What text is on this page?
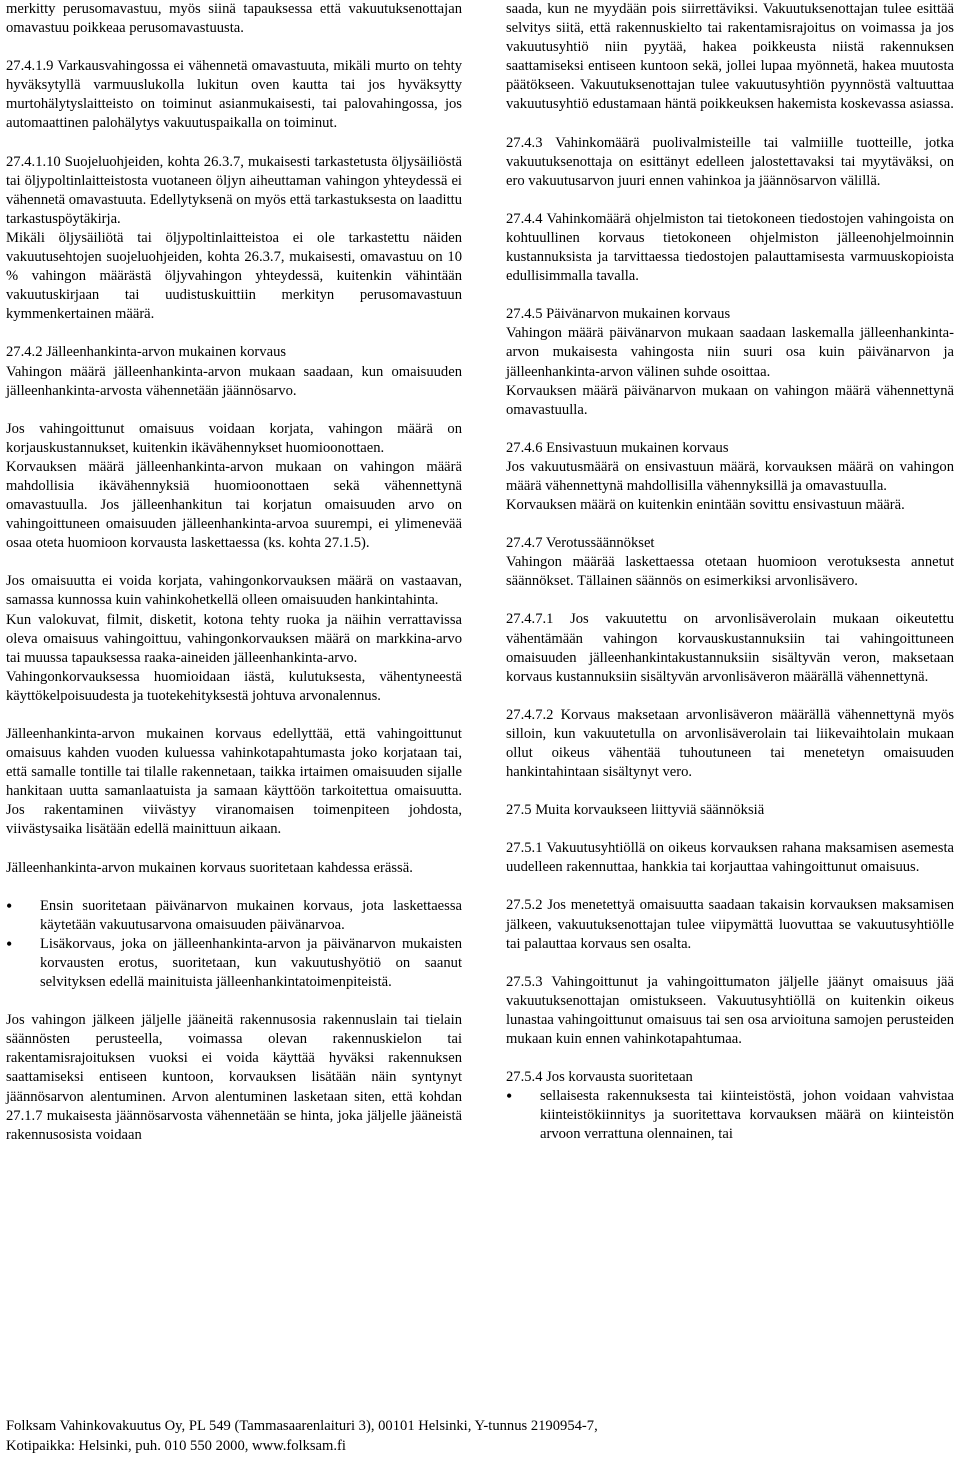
merkitty perusomavastuu, myös siinä tapauksessa että vakuutuksenottajan omavastuu poikkeaa perusomavastuusta.

27.4.1.9 Varkausvahingossa ei vähennetä omavastuuta, mikäli murto on tehty hyväksytyllä varmuuslukolla lukitun oven kautta tai jos hyväksytty murtohälytyslaitteisto on toiminut asianmukaisesti, tai palovahingossa, jos automaattinen palohälytys vakuutuspaikalla on toiminut.

27.4.1.10 Suojeluohjeiden, kohta 26.3.7, mukaisesti tarkastetusta öljysäiliöstä tai öljypoltinlaitteistosta vuotaneen öljyn aiheuttaman vahingon yhteydessä ei vähennetä omavastuuta. Edellytyksenä on myös että tarkastuksesta on laadittu tarkastuspöytäkirja.

Mikäli öljysäiliötä tai öljypoltinlaitteistoa ei ole tarkastettu näiden vakuutusehtojen suojeluohjeiden, kohta 26.3.7, mukaisesti, omavastuu on 10 % vahingon määrästä öljyvahingon yhteydessä, kuitenkin vähintään vakuutuskirjaan tai uudistuskuittiin merkityn perusomavastuun kymmenkertainen määrä.

27.4.2 Jälleenhankinta-arvon mukainen korvaus

Vahingon määrä jälleenhankinta-arvon mukaan saadaan, kun omaisuuden jälleenhankinta-arvosta vähennetään jäännösarvo.

Jos vahingoittunut omaisuus voidaan korjata, vahingon määrä on korjauskustannukset, kuitenkin ikävähennykset huomioonottaen.

Korvauksen määrä jälleenhankinta-arvon mukaan on vahingon määrä mahdollisia ikävähennyksiä huomioonottaen sekä vähennettynä omavastuulla. Jos jälleenhankitun tai korjatun omaisuuden arvo on vahingoittuneen omaisuuden jälleenhankinta-arvoa suurempi, ei ylimenevää osaa oteta huomioon korvausta laskettaessa (ks. kohta 27.1.5).

Jos omaisuutta ei voida korjata, vahingonkorvauksen määrä on vastaavan, samassa kunnossa kuin vahinkohetkellä olleen omaisuuden hankintahinta.

Kun valokuvat, filmit, disketit, kotona tehty ruoka ja näihin verrattavissa oleva omaisuus vahingoittuu, vahingonkorvauksen määrä on markkina-arvo tai muussa tapauksessa raaka-aineiden jälleenhankinta-arvo.

Vahingonkorvauksessa huomioidaan iästä, kulutuksesta, vähentyneestä käyttökelpoisuudesta ja tuotekehityksestä johtuva arvonalennus.

Jälleenhankinta-arvon mukainen korvaus edellyttää, että vahingoittunut omaisuus kahden vuoden kuluessa vahinkotapahtumasta joko korjataan tai, että samalle tontille tai tilalle rakennetaan, taikka irtaimen omaisuuden sijalle hankitaan uutta samanlaatuista ja samaan käyttöön tarkoitettua omaisuutta. Jos rakentaminen viivästyy viranomaisen toimenpiteen johdosta, viivästysaika lisätään edellä mainittuun aikaan.

Jälleenhankinta-arvon mukainen korvaus suoritetaan kahdessa erässä.

• Ensin suoritetaan päivänarvon mukainen korvaus, jota laskettaessa käytetään vakuutusarvona omaisuuden päivänarvoa.
• Lisäkorvaus, joka on jälleenhankinta-arvon ja päivänarvon mukaisten korvausten erotus, suoritetaan, kun vakuutushyötiö on saanut selvityksen edellä mainituista jälleenhankintatoimenpiteistä.

Jos vahingon jälkeen jäljelle jääneitä rakennusosia rakennuslain tai tielain säännösten perusteella, voimassa olevan rakennuskielon tai rakentamisrajoituksen vuoksi ei voida käyttää hyväksi rakennuksen saattamiseksi entiseen kuntoon, korvauksen lisätään näin syntynyt jäännösarvon alentuminen. Arvon alentuminen lasketaan siten, että kohdan 27.1.7 mukaisesta jäännösarvosta vähennetään se hinta, joka jäljelle jääneistä rakennusosista voidaan

saada, kun ne myydään pois siirrettäviksi. Vakuutuksenottajan tulee esittää selvitys siitä, että rakennuskielto tai rakentamisrajoitus on voimassa ja jos vakuutusyhtiö niin pyytää, hakea poikkeusta niistä rakennuksen saattamiseksi entiseen kuntoon sekä, jollei lupaa myönnetä, hakea muutosta päätökseen. Vakuutuksenottajan tulee vakuutusyhtiön pyynnöstä valtuuttaa vakuutusyhtiö edustamaan häntä poikkeuksen hakemista koskevassa asiassa.

27.4.3 Vahinkomäärä puolivalmisteille tai valmiille tuotteille, jotka vakuutuksenottaja on esittänyt edelleen jalostettavaksi tai myytäväksi, on ero vakuutusarvon juuri ennen vahinkoa ja jäännösarvon välillä.

27.4.4 Vahinkomäärä ohjelmiston tai tietokoneen tiedostojen vahingoista on kohtuullinen korvaus tietokoneen ohjelmiston jälleenohjelmoinnin kustannuksista ja tarvittaessa tiedostojen palauttamisesta varmuuskopioista edullisimmalla tavalla.

27.4.5 Päivänarvon mukainen korvaus

Vahingon määrä päivänarvon mukaan saadaan laskemalla jälleenhankinta-arvon mukaisesta vahingosta niin suuri osa kuin päivänarvon ja jälleenhankinta-arvon välinen suhde osoittaa.

Korvauksen määrä päivänarvon mukaan on vahingon määrä vähennettynä omavastuulla.

27.4.6 Ensivastuun mukainen korvaus

Jos vakuutusmäärä on ensivastuun määrä, korvauksen määrä on vahingon määrä vähennettynä mahdollisilla vähennyksillä ja omavastuulla.

Korvauksen määrä on kuitenkin enintään sovittu ensivastuun määrä.

27.4.7 Verotussäännökset

Vahingon määrää laskettaessa otetaan huomioon verotuksesta annetut säännökset. Tällainen säännös on esimerkiksi arvonlisävero.

27.4.7.1 Jos vakuutettu on arvonlisäverolain mukaan oikeutettu vähentämään vahingon korvauskustannuksiin tai vahingoittuneen omaisuuden jälleenhankintakustannuksiin sisältyvän veron, maksetaan korvaus kustannuksiin sisältyvän arvonlisäveron määrällä vähennettynä.

27.4.7.2 Korvaus maksetaan arvonlisäveron määrällä vähennettynä myös silloin, kun vakuutetulla on arvonlisäverolain tai liikevaihtolain mukaan ollut oikeus vähentää tuhoutuneen tai menetetyn omaisuuden hankintahintaan sisältynyt vero.

27.5 Muita korvaukseen liittyviä säännöksiä

27.5.1 Vakuutusyhtiöllä on oikeus korvauksen rahana maksamisen asemesta uudelleen rakennuttaa, hankkia tai korjauttaa vahingoittunut omaisuus.

27.5.2 Jos menetettyä omaisuutta saadaan takaisin korvauksen maksamisen jälkeen, vakuutuksenottajan tulee viipymättä luovuttaa se vakuutusyhtiölle tai palauttaa korvaus sen osalta.

27.5.3 Vahingoittunut ja vahingoittumaton jäljelle jäänyt omaisuus jää vakuutuksenottajan omistukseen. Vakuutusyhtiöllä on kuitenkin oikeus lunastaa vahingoittunut omaisuus tai sen osa arvioituna samojen perusteiden mukaan kuin ennen vahinkotapahtumaa.

27.5.4 Jos korvausta suoritetaan

• sellaisesta rakennuksesta tai kiinteistöstä, johon voidaan vahvistaa kiinteistökiinnitys ja suoritettava korvauksen määrä on kiinteistön arvoon verrattuna olennainen, tai
Folksam Vahinkovakuutus Oy, PL 549 (Tammasaarenlaituri 3), 00101 Helsinki, Y-tunnus 2190954-7,
Kotipaikka: Helsinki, puh. 010 550 2000, www.folksam.fi
